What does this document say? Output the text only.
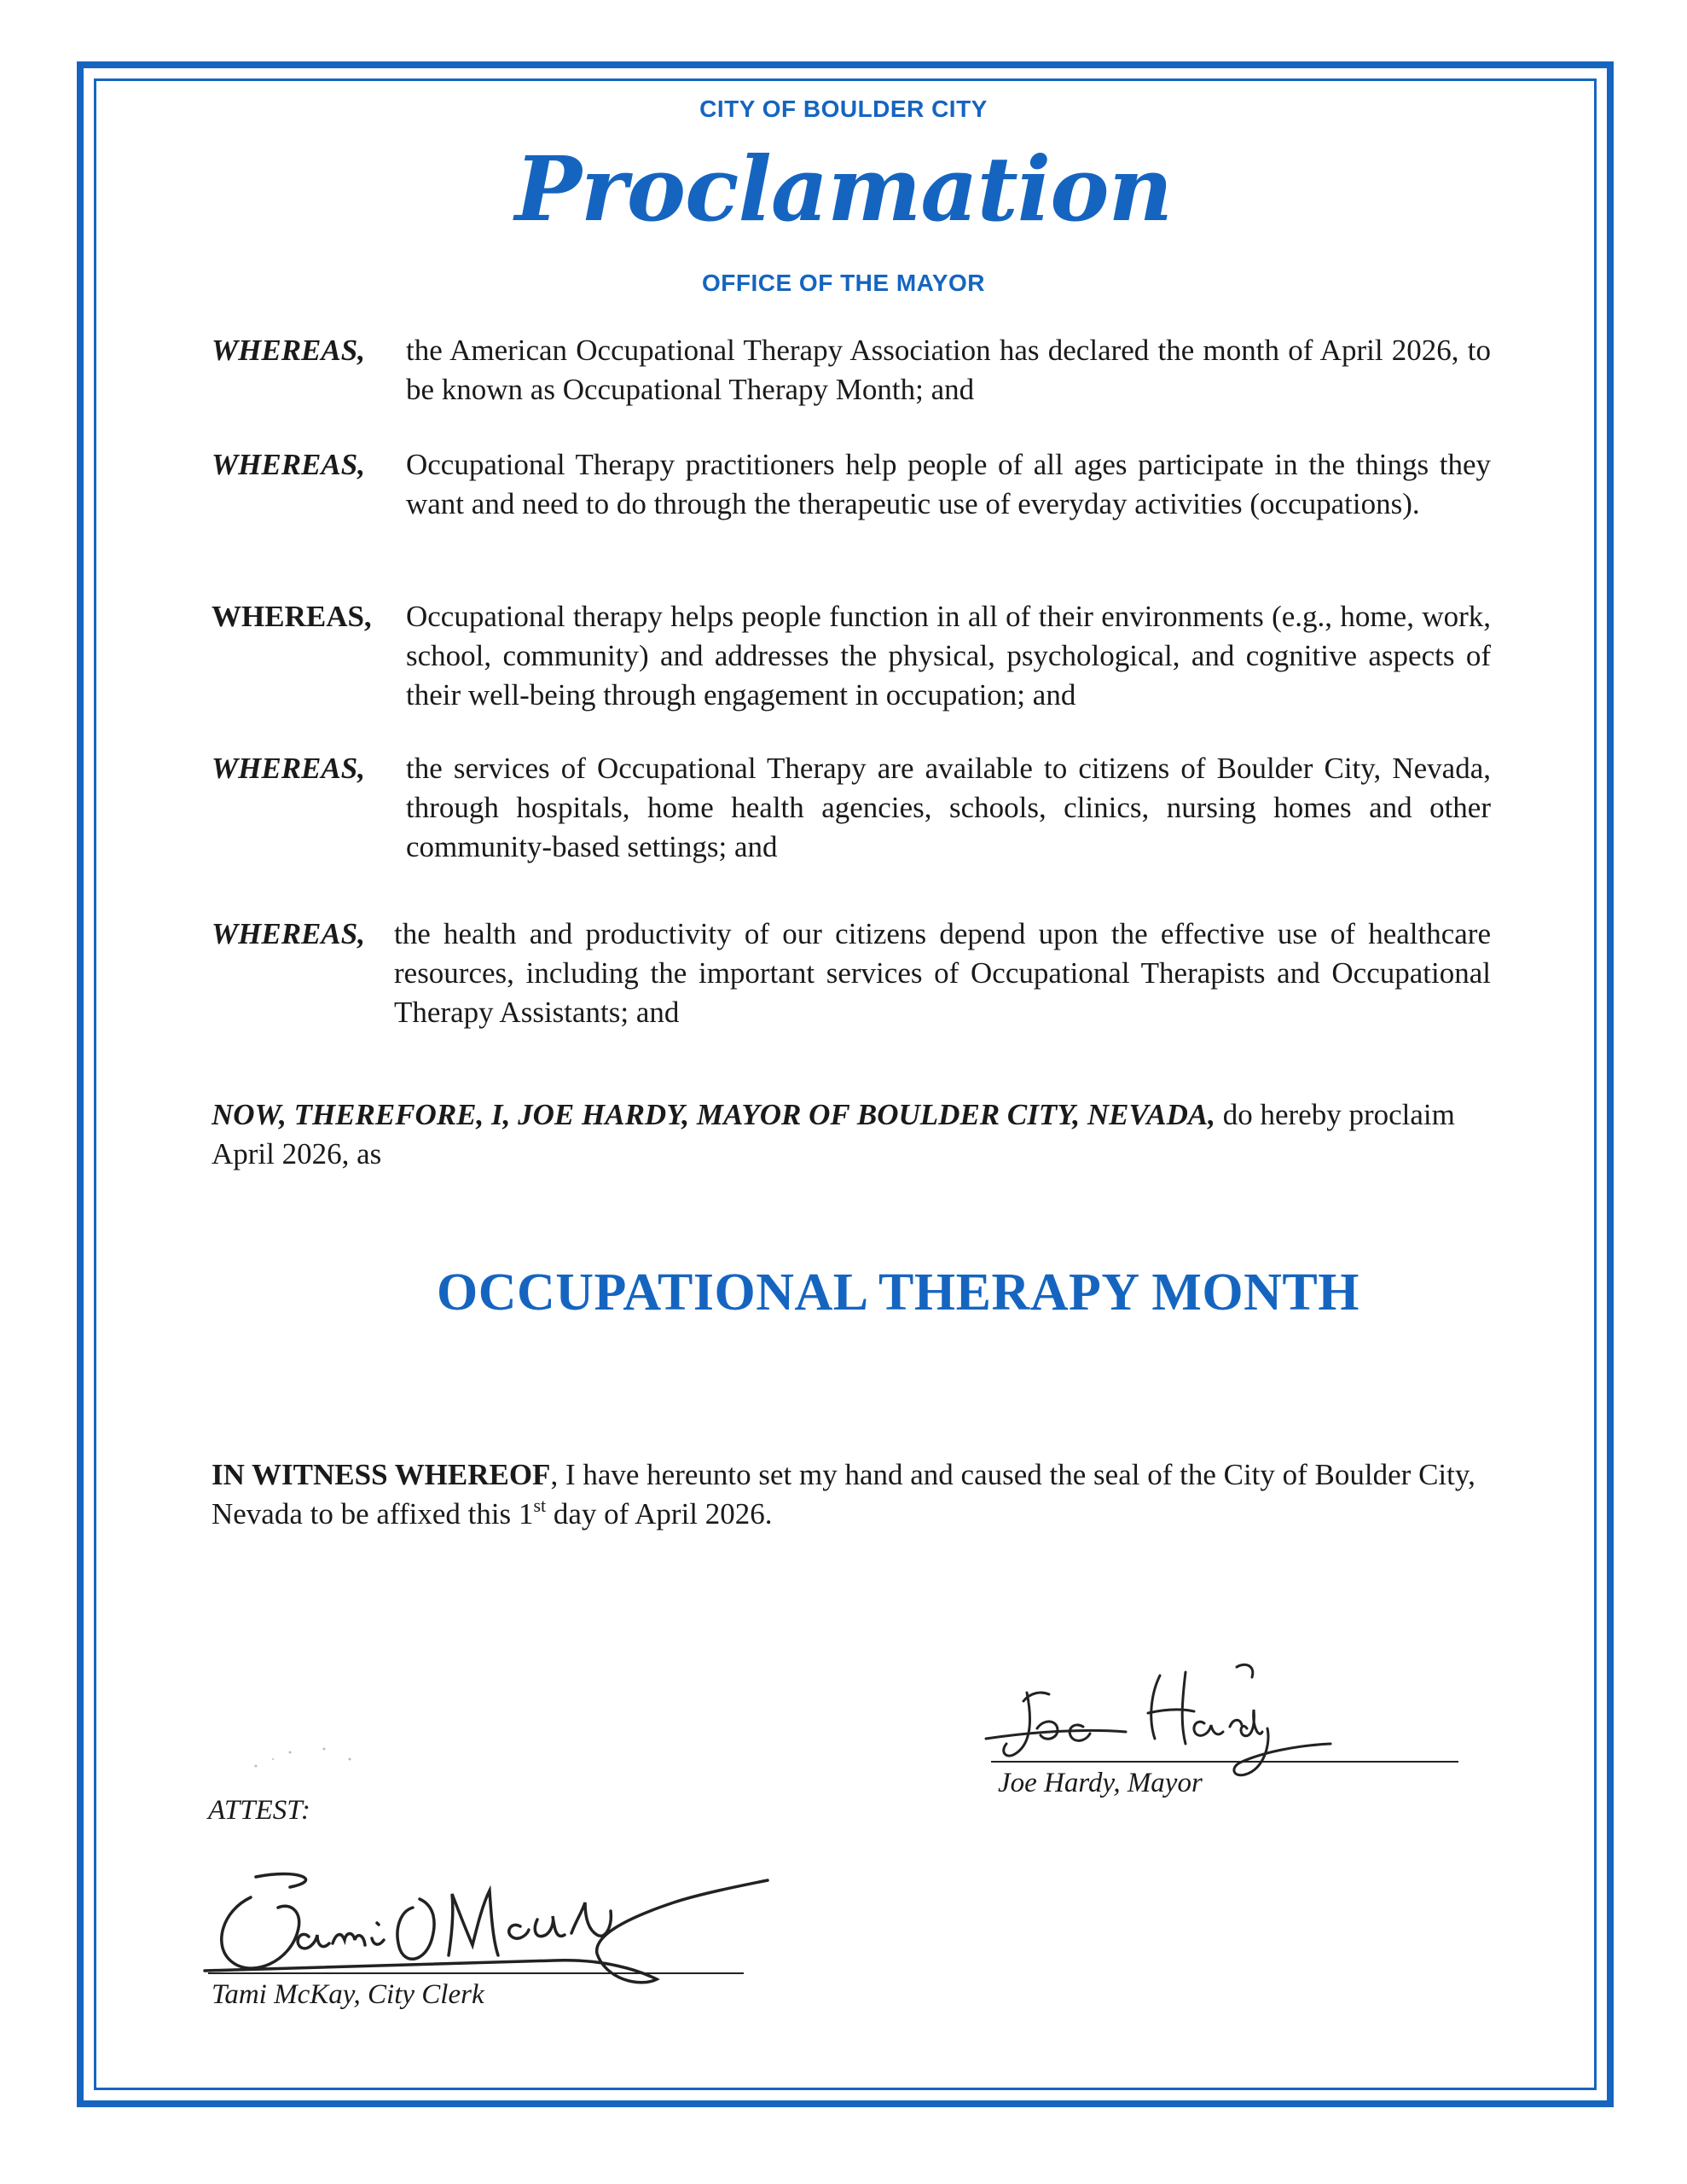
CITY OF BOULDER CITY
Proclamation
OFFICE OF THE MAYOR
WHEREAS, the American Occupational Therapy Association has declared the month of April 2026, to be known as Occupational Therapy Month; and
WHEREAS, Occupational Therapy practitioners help people of all ages participate in the things they want and need to do through the therapeutic use of everyday activities (occupations).
WHEREAS, Occupational therapy helps people function in all of their environments (e.g., home, work, school, community) and addresses the physical, psychological, and cognitive aspects of their well-being through engagement in occupation; and
WHEREAS, the services of Occupational Therapy are available to citizens of Boulder City, Nevada, through hospitals, home health agencies, schools, clinics, nursing homes and other community-based settings; and
WHEREAS, the health and productivity of our citizens depend upon the effective use of healthcare resources, including the important services of Occupational Therapists and Occupational Therapy Assistants; and
NOW, THEREFORE, I, JOE HARDY, MAYOR OF BOULDER CITY, NEVADA, do hereby proclaim April 2026, as
OCCUPATIONAL THERAPY MONTH
IN WITNESS WHEREOF, I have hereunto set my hand and caused the seal of the City of Boulder City, Nevada to be affixed this 1st day of April 2026.
Joe Hardy, Mayor
ATTEST:
Tami McKay, City Clerk
